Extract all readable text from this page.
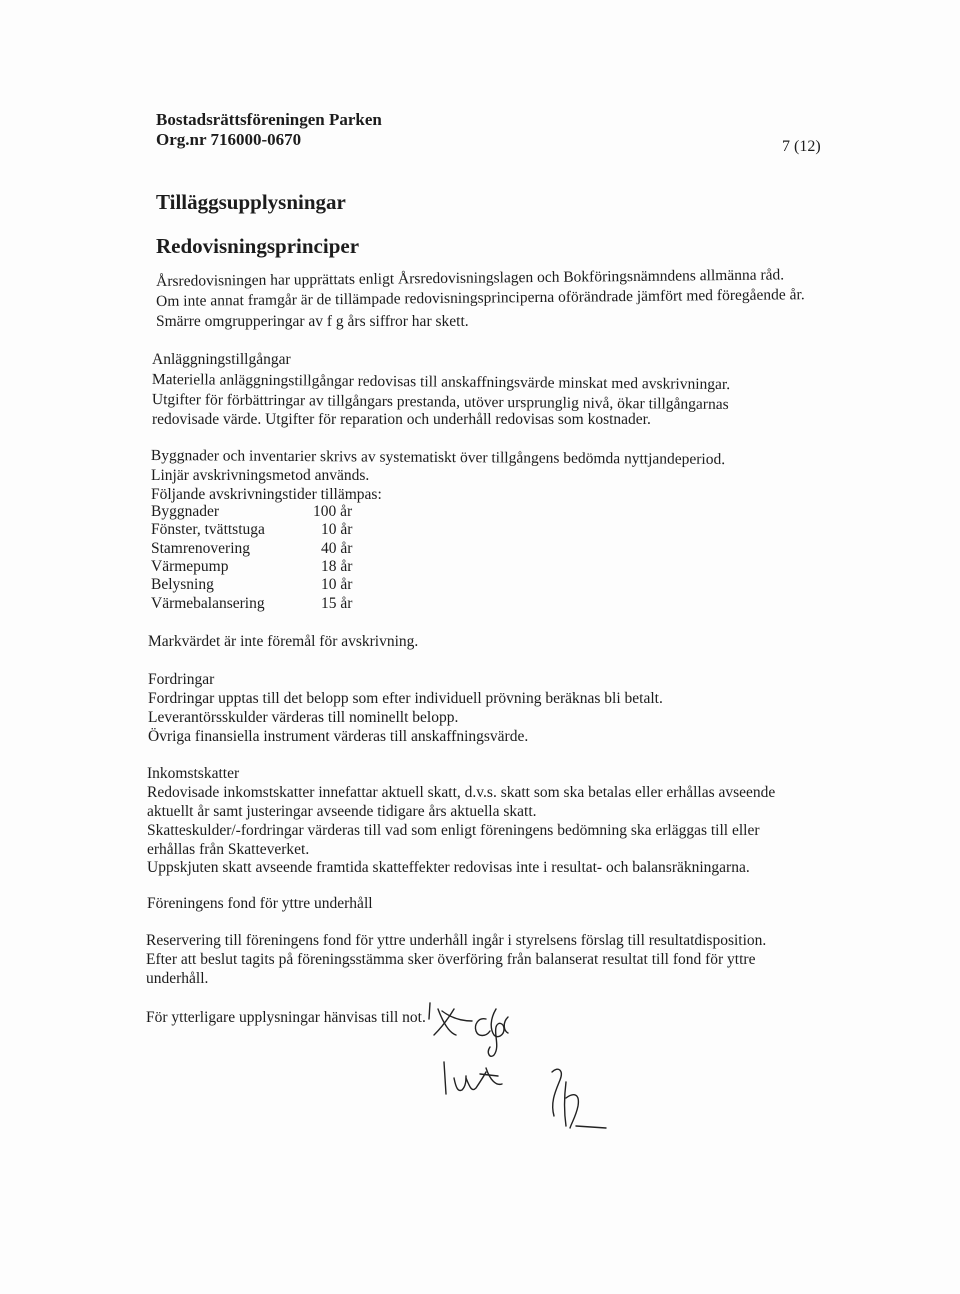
Bostadsrättsföreningen Parken
Org.nr 716000-0670	7 (12)
Tilläggsupplysningar
Redovisningsprinciper
Årsredovisningen har upprättats enligt Årsredovisningslagen och Bokföringsnämndens allmänna råd.
Om inte annat framgår är de tillämpade redovisningsprinciperna oförändrade jämfört med föregående år.
Smärre omgrupperingar av f g års siffror har skett.
Anläggningstillgångar
Materiella anläggningstillgångar redovisas till anskaffningsvärde minskat med avskrivningar.
Utgifter för förbättringar av tillgångars prestanda, utöver ursprunglig nivå, ökar tillgångarnas
redovisade värde. Utgifter för reparation och underhåll redovisas som kostnader.
Byggnader och inventarier skrivs av systematiskt över tillgångens bedömda nyttjandeperiod.
Linjär avskrivningsmetod används.
Följande avskrivningstider tillämpas:
Byggnader	100 år
Fönster, tvättstuga	10 år
Stamrenovering	40 år
Värmepump	18 år
Belysning	10 år
Värmebalansering	15 år
Markvärdet är inte föremål för avskrivning.
Fordringar
Fordringar upptas till det belopp som efter individuell prövning beräknas bli betalt.
Leverantörsskulder värderas till nominellt belopp.
Övriga finansiella instrument värderas till anskaffningsvärde.
Inkomstskatter
Redovisade inkomstskatter innefattar aktuell skatt, d.v.s. skatt som ska betalas eller erhållas avseende
aktuellt år samt justeringar avseende tidigare års aktuella skatt.
Skatteskulder/-fordringar värderas till vad som enligt föreningens bedömning ska erläggas till eller
erhållas från Skatteverket.
Uppskjuten skatt avseende framtida skatteffekter redovisas inte i resultat- och balansräkningarna.
Föreningens fond för yttre underhåll
Reservering till föreningens fond för yttre underhåll ingår i styrelsens förslag till resultatdisposition.
Efter att beslut tagits på föreningsstämma sker överföring från balanserat resultat till fond för yttre
underhåll.
För ytterligare upplysningar hänvisas till not.
